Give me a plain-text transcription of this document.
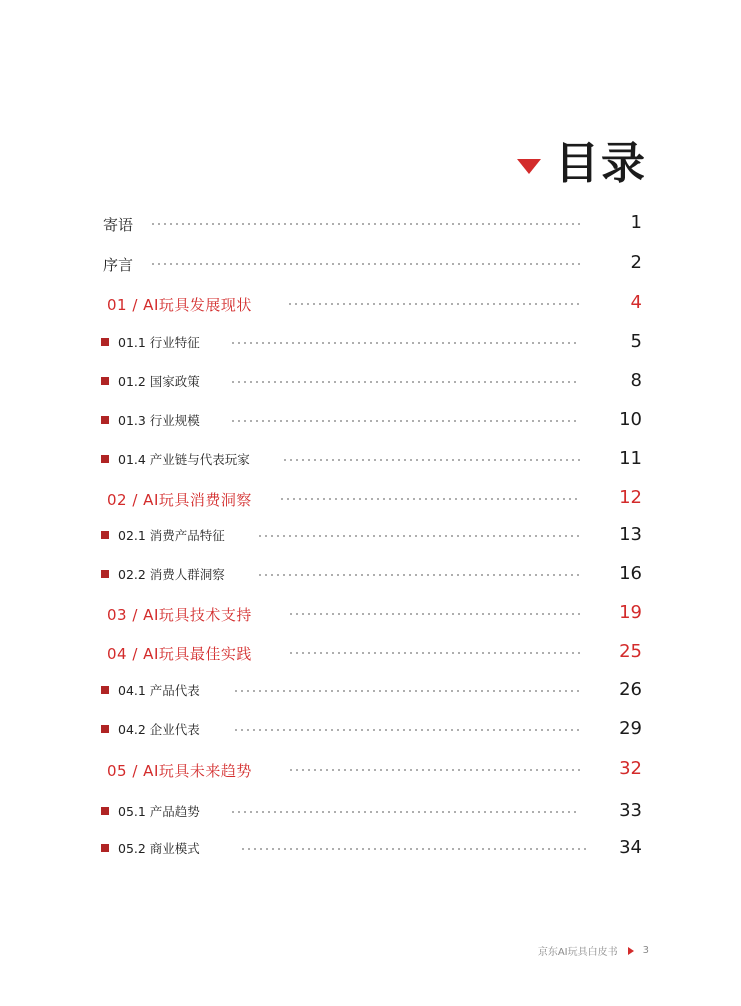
目录
寄语	1
序言	2
01 / AI玩具发展现状	4
01.1 行业特征	5
01.2 国家政策	8
01.3 行业规模	10
01.4 产业链与代表玩家	11
02 / AI玩具消费洞察	12
02.1 消费产品特征	13
02.2 消费人群洞察	16
03 / AI玩具技术支持	19
04 / AI玩具最佳实践	25
04.1 产品代表	26
04.2 企业代表	29
05 / AI玩具未来趋势	32
05.1 产品趋势	33
05.2 商业模式	34
京东AI玩具白皮书	3
